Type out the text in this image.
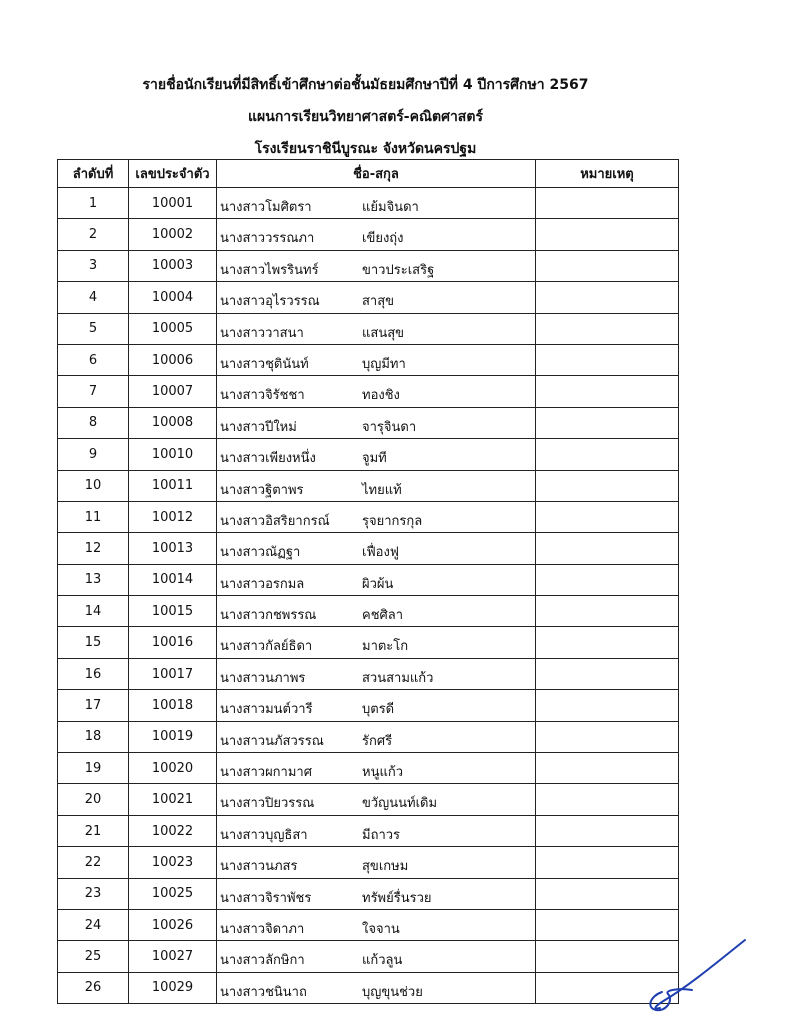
รายชื่อนักเรียนที่มีสิทธิ์เข้าศึกษาต่อชั้นมัธยมศึกษาปีที่ 4 ปีการศึกษา 2567
แผนการเรียนวิทยาศาสตร์-คณิตศาสตร์
โรงเรียนราชินีบูรณะ จังหวัดนครปฐม
ลำดับที่	เลขประจำตัว	ชื่อ-สกุล	หมายเหตุ
1	10001	นางสาวโมศิตรา แย้มจินดา	

2	10002	นางสาววรรณภา เขียงถุ่ง	

3	10003	นางสาวไพรรินทร์ ขาวประเสริฐ	

4	10004	นางสาวอุไรวรรณ สาสุข	

5	10005	นางสาววาสนา แสนสุข	

6	10006	นางสาวชุตินันท์ บุญมีทา	

7	10007	นางสาวจิรัชชา ทองชิง	

8	10008	นางสาวปีใหม่ จารุจินดา	

9	10010	นางสาวเพียงหนึ่ง จูมที	

10	10011	นางสาวฐิตาพร ไทยแท้	

11	10012	นางสาวอิสริยากรณ์ รุจยากรกุล	

12	10013	นางสาวณัฏฐา เฟื่องฟู	

13	10014	นางสาวอรกมล ผิวผ้น	

14	10015	นางสาวกชพรรณ คชศิลา	

15	10016	นางสาวกัลย์ธิดา มาตะโก	

16	10017	นางสาวนภาพร สวนสามแก้ว	

17	10018	นางสาวมนต์วารี บุตรดี	

18	10019	นางสาวนภัสวรรณ รักศรี	

19	10020	นางสาวผกามาศ หนูแก้ว	

20	10021	นางสาวปิยวรรณ ขวัญนนท์เดิม	

21	10022	นางสาวบุญธิสา มีถาวร	

22	10023	นางสาวนภสร สุขเกษม	

23	10025	นางสาวจิราพัชร ทรัพย์รื่นรวย	

24	10026	นางสาวจิดาภา ใจจาน	

25	10027	นางสาวลักษิกา แก้วลูน	

26	10029	นางสาวชนินาถ บุญขุนช่วย	
